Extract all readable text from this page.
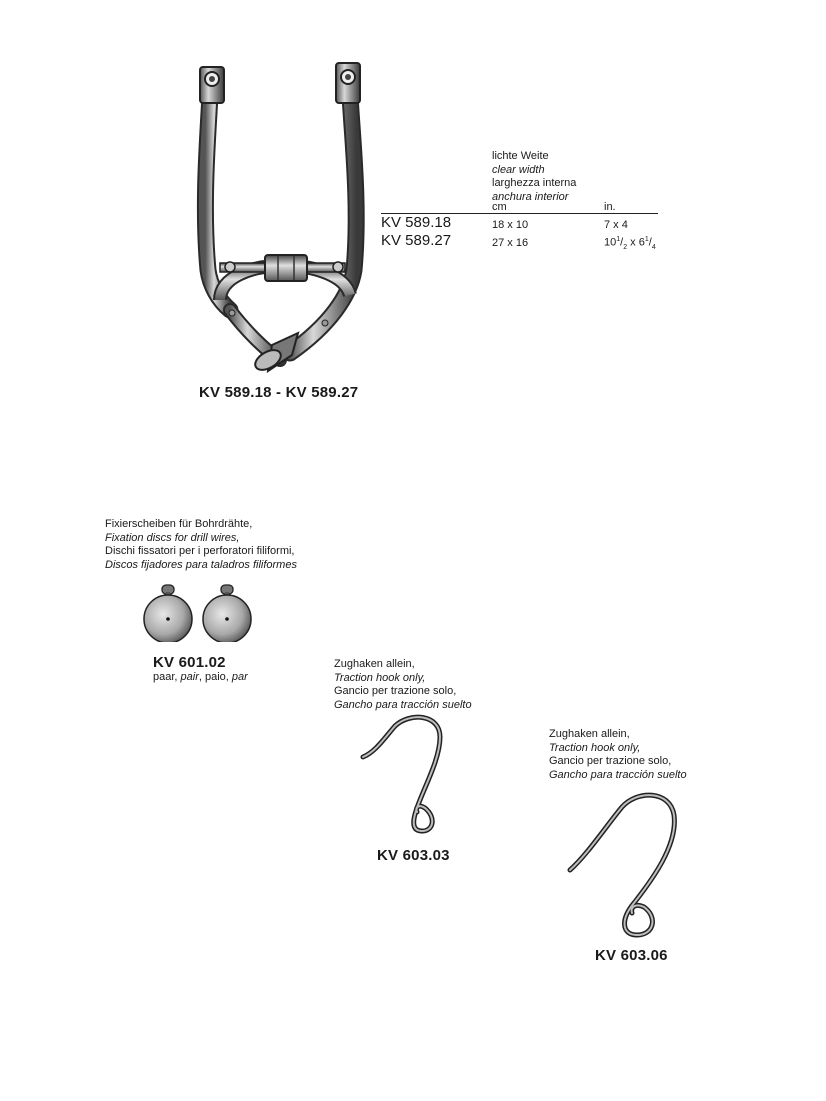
KV 589.18 - KV 589.27
lichte Weite
clear width
larghezza interna
anchura interior
cm	in.
KV 589.18	18 x 10	7 x 4
KV 589.27	27 x 16	$10^1/_2$ x $6^1/_4$
Fixierscheiben für Bohrdrähte,
Fixation discs for drill wires,
Dischi fissatori per i perforatori filiformi,
Discos fijadores para taladros filiformes
KV 601.02
paar, pair, paio, par
Zughaken allein,
Traction hook only,
Gancio per trazione solo,
Gancho para tracción suelto
KV 603.03
Zughaken allein,
Traction hook only,
Gancio per trazione solo,
Gancho para tracción suelto
KV 603.06
